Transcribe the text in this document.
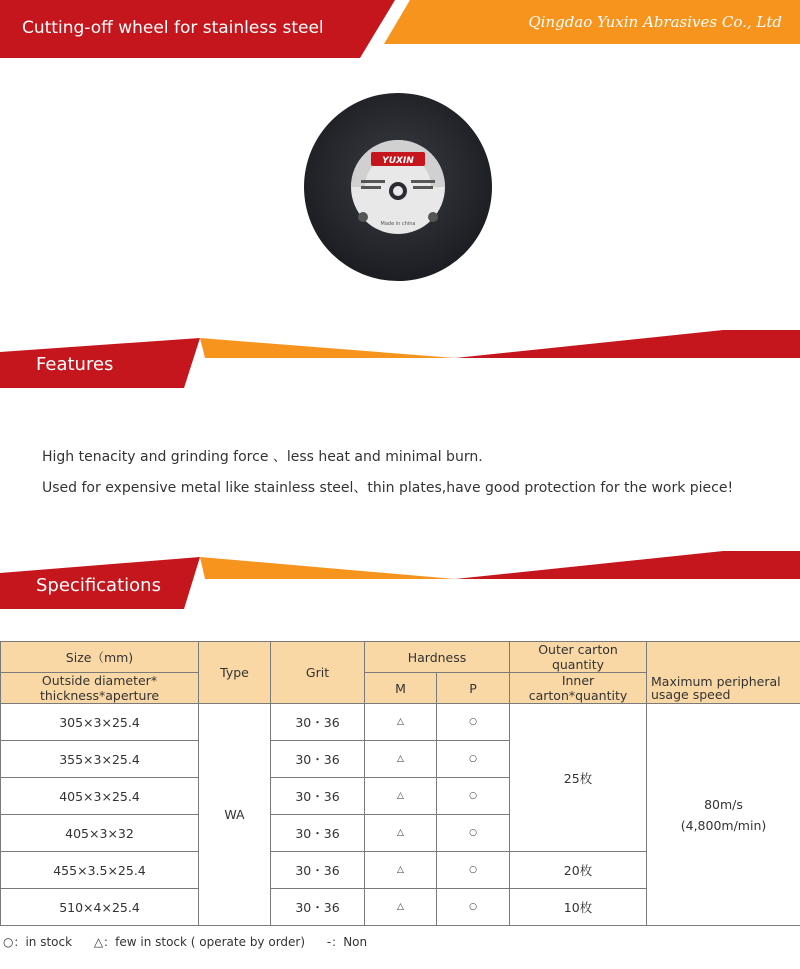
Cutting-off wheel for stainless steel	Qingdao Yuxin Abrasives Co., Ltd
YUXIN
Made in china
Features
High tenacity and grinding force 、less heat and minimal burn.
Used for expensive metal like stainless steel、thin plates,have good protection for the work piece!
Specifications
Size（mm)	Type	Grit	Hardness		Outer carton quantity	
Outside diameter* thickness*aperture			M	P	Inner carton*quantity	Maximum peripheral usage speed
305×3×25.4	WA	30・36	△	○	25枚	80m/s
(4,800m/min)

355×3×25.4		30・36	△	○		
405×3×25.4		30・36	△	○		
405×3×32		30・36	△	○		
455×3.5×25.4		30・36	△	○	20枚	
510×4×25.4		30・36	△	○	10枚	
○：in stock △：few in stock ( operate by order) -：Non
